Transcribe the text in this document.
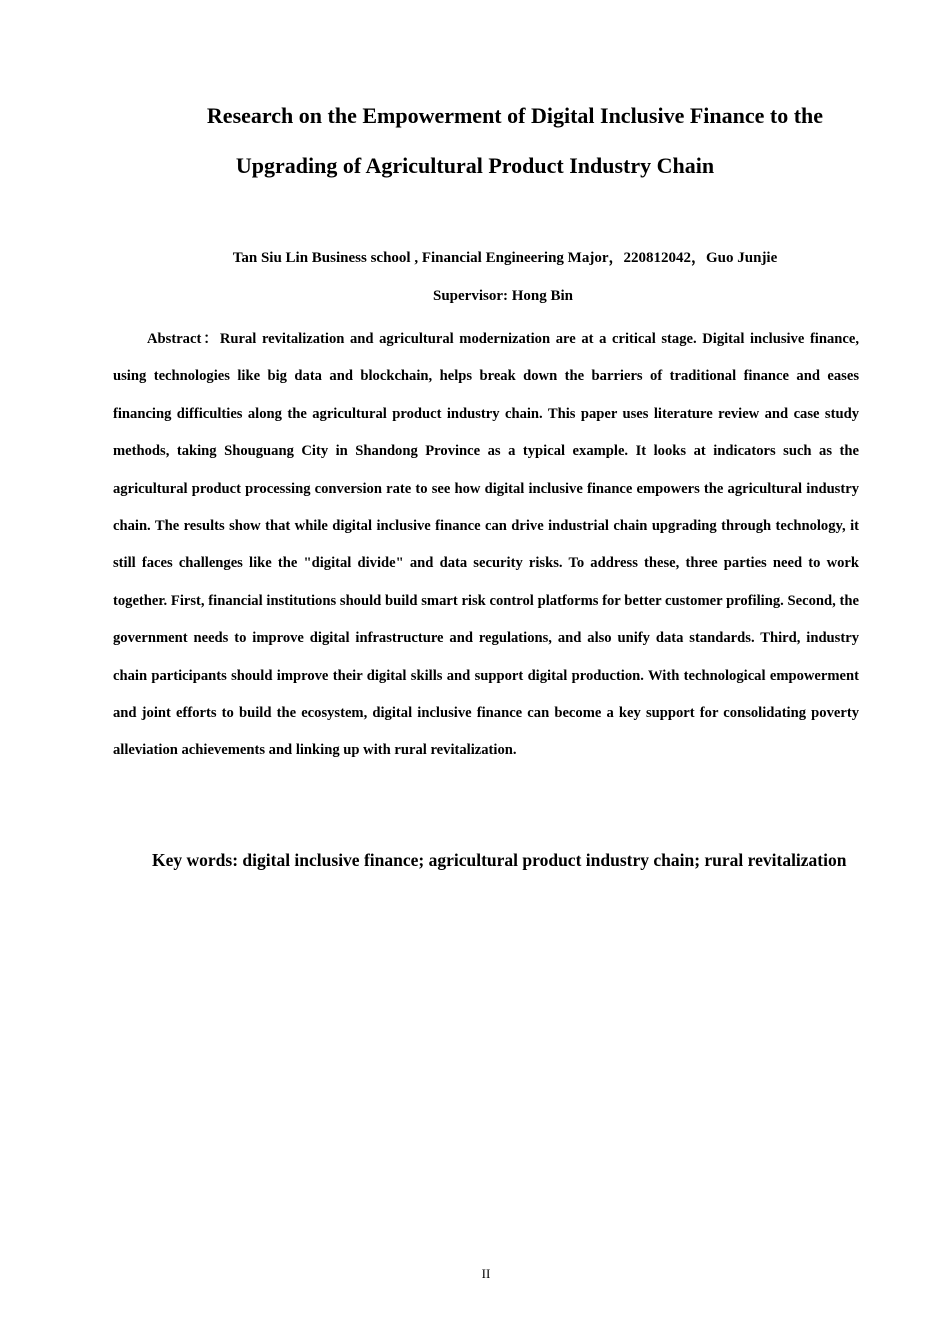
Research on the Empowerment of Digital Inclusive Finance to the
Upgrading of Agricultural Product Industry Chain
Tan Siu Lin Business school , Financial Engineering Major，220812042，Guo Junjie
Supervisor: Hong Bin

Abstract：Rural revitalization and agricultural modernization are at a critical stage. Digital inclusive finance, using technologies like big data and blockchain, helps break down the barriers of traditional finance and eases financing difficulties along the agricultural product industry chain. This paper uses literature review and case study methods, taking Shouguang City in Shandong Province as a typical example. It looks at indicators such as the agricultural product processing conversion rate to see how digital inclusive finance empowers the agricultural industry chain. The results show that while digital inclusive finance can drive industrial chain upgrading through technology, it still faces challenges like the "digital divide" and data security risks. To address these, three parties need to work together. First, financial institutions should build smart risk control platforms for better customer profiling. Second, the government needs to improve digital infrastructure and regulations, and also unify data standards. Third, industry chain participants should improve their digital skills and support digital production. With technological empowerment and joint efforts to build the ecosystem, digital inclusive finance can become a key support for consolidating poverty alleviation achievements and linking up with rural revitalization.

Key words: digital inclusive finance; agricultural product industry chain; rural revitalization

II
